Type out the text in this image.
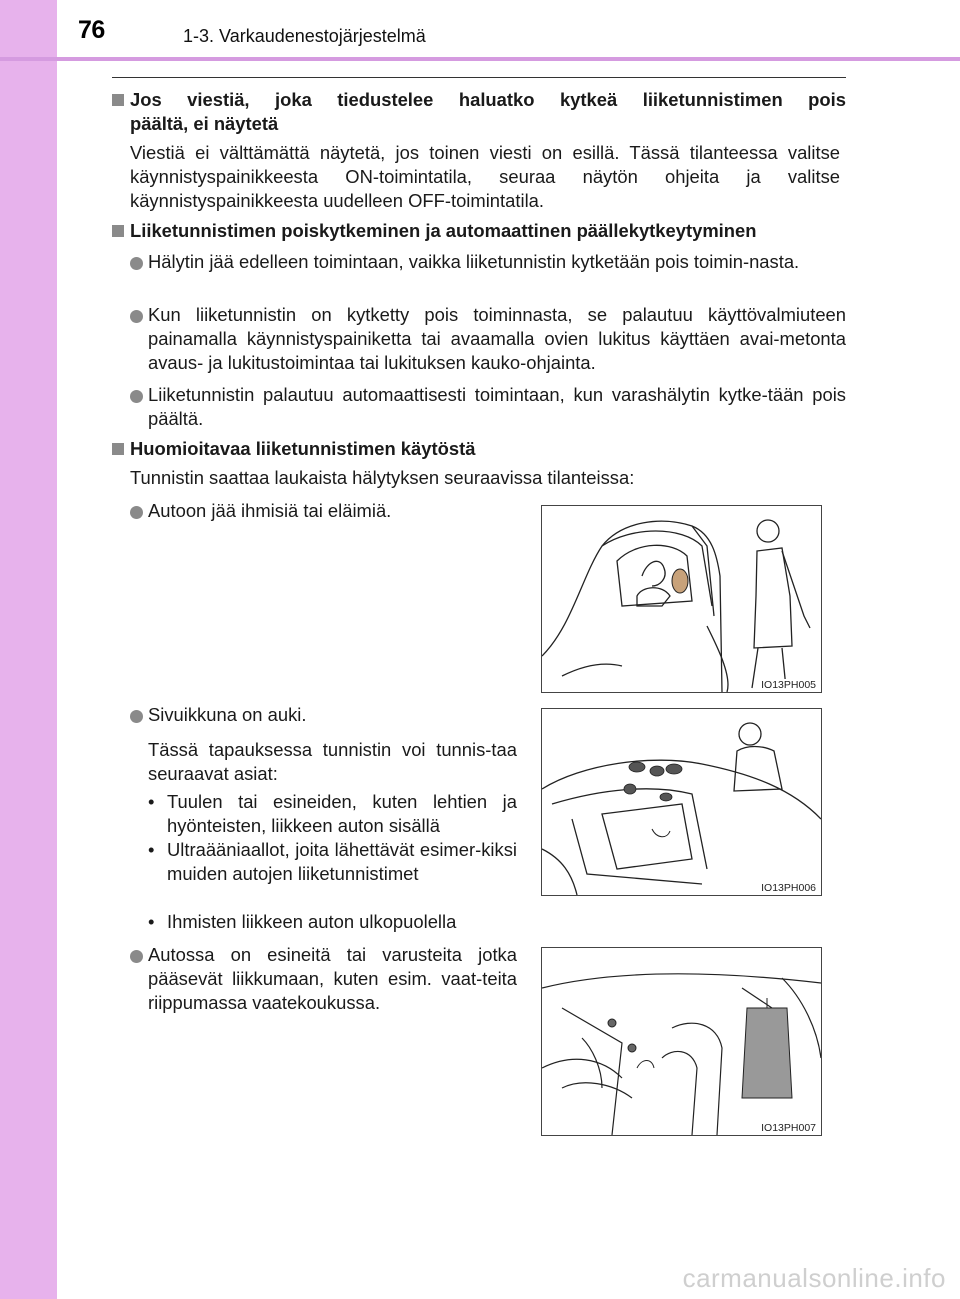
76	1-3. Varkaudenestojärjestelmä
Jos viestiä, joka tiedustelee haluatko kytkeä liiketunnistimen pois
päältä, ei näytetä
Viestiä ei välttämättä näytetä, jos toinen viesti on esillä. Tässä tilanteessa valitse käynnistyspainikkeesta ON-toimintatila, seuraa näytön ohjeita ja valitse käynnistyspainikkeesta uudelleen OFF-toimintatila.
Liiketunnistimen poiskytkeminen ja automaattinen päällekytkeytyminen
Hälytin jää edelleen toimintaan, vaikka liiketunnistin kytketään pois toimin-nasta.
Kun liiketunnistin on kytketty pois toiminnasta, se palautuu käyttövalmiuteen painamalla käynnistyspainiketta tai avaamalla ovien lukitus käyttäen avai-metonta avaus- ja lukitustoimintaa tai lukituksen kauko-ohjainta.
Liiketunnistin palautuu automaattisesti toimintaan, kun varashälytin kytke-tään pois päältä.
Huomioitavaa liiketunnistimen käytöstä
Tunnistin saattaa laukaista hälytyksen seuraavissa tilanteissa:
Autoon jää ihmisiä tai eläimiä.
Sivuikkuna on auki.
Tässä tapauksessa tunnistin voi tunnis-taa seuraavat asiat:
• Tuulen tai esineiden, kuten lehtien ja hyönteisten, liikkeen auton sisällä
• Ultraääniaallot, joita lähettävät esimer-kiksi muiden autojen liiketunnistimet
• Ihmisten liikkeen auton ulkopuolella
Autossa on esineitä tai varusteita jotka pääsevät liikkumaan, kuten esim. vaat-teita riippumassa vaatekoukussa.
IO13PH005
IO13PH006
IO13PH007
carmanualsonline.info
